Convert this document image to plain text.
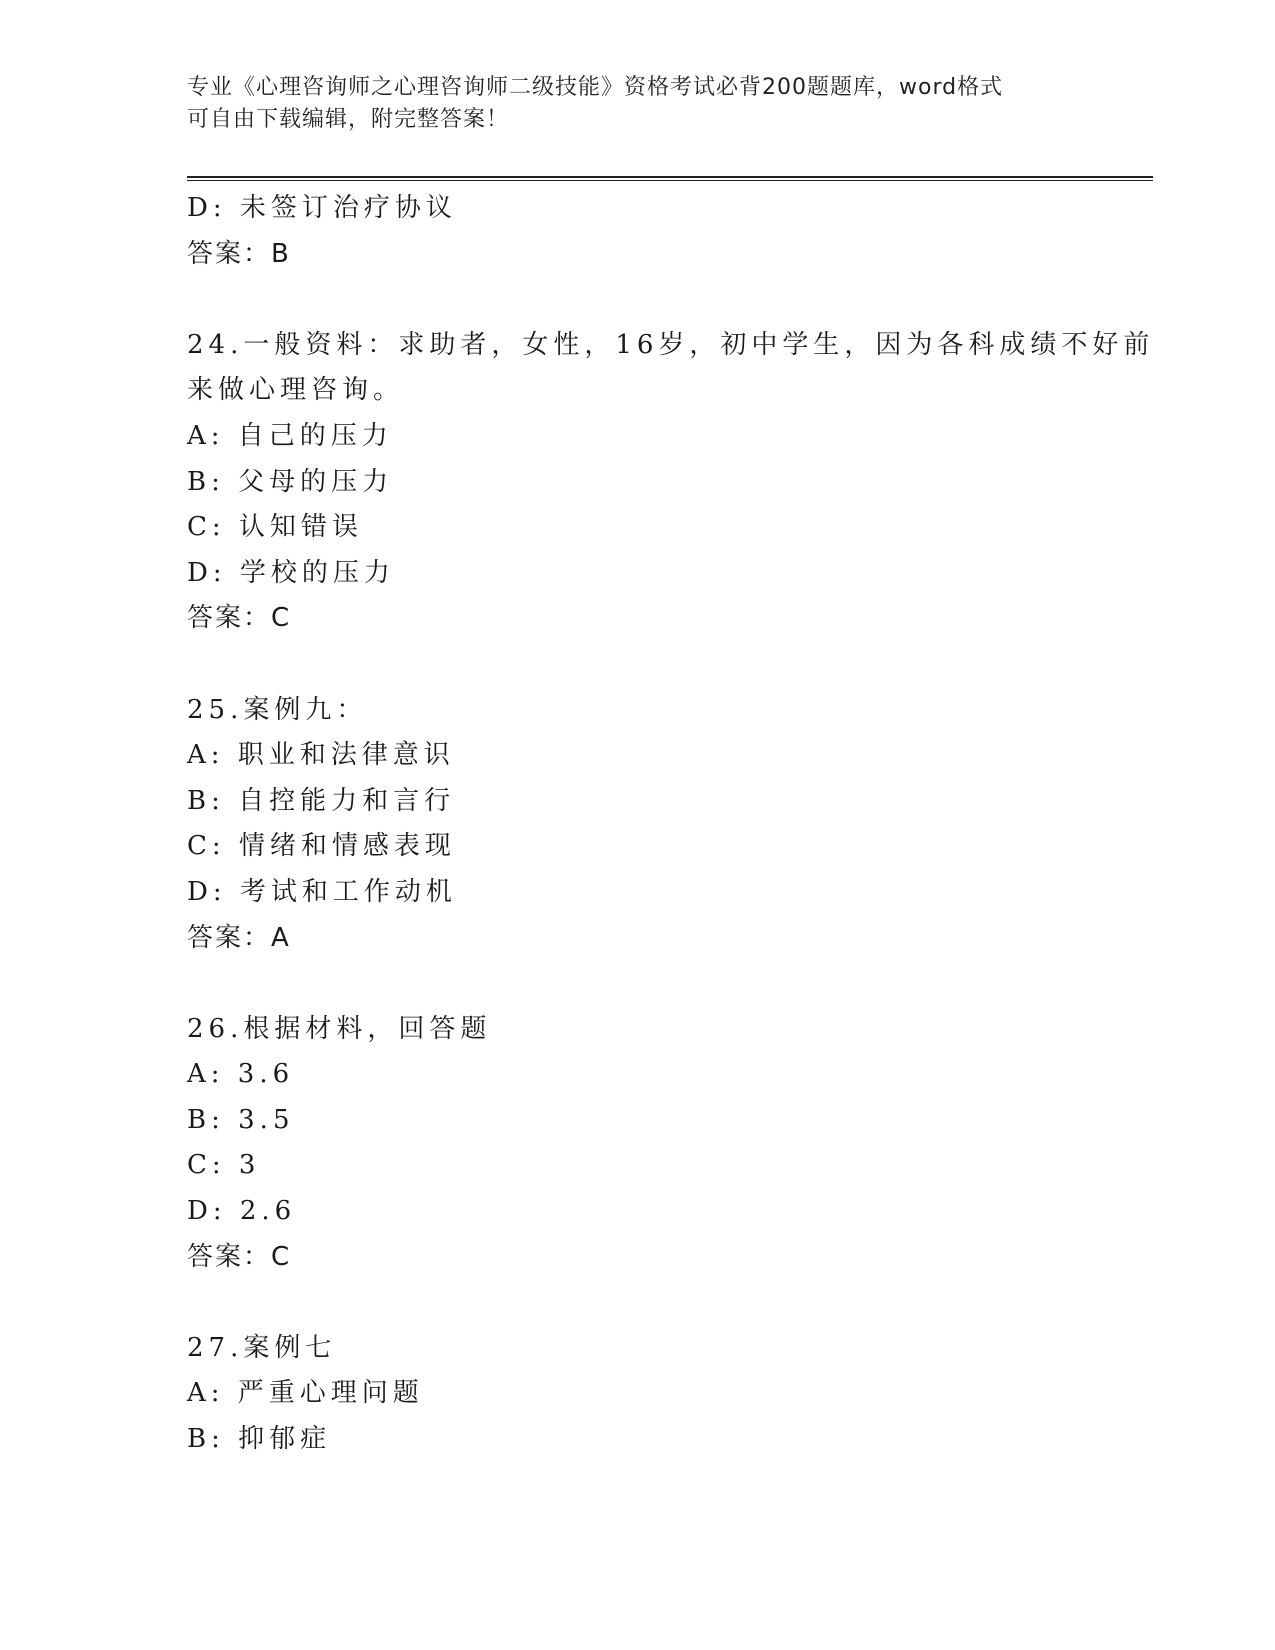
专业《心理咨询师之心理咨询师二级技能》资格考试必背200题题库，word格式
可自由下载编辑，附完整答案！
D: 未签订治疗协议
答案：B
24.一般资料：求助者，女性，16岁，初中学生，因为各科成绩不好前
来做心理咨询。
A: 自己的压力
B: 父母的压力
C: 认知错误
D: 学校的压力
答案：C
25.案例九：
A: 职业和法律意识
B: 自控能力和言行
C: 情绪和情感表现
D: 考试和工作动机
答案：A
26.根据材料，回答题
A: 3.6
B: 3.5
C: 3
D: 2.6
答案：C
27.案例七
A: 严重心理问题
B: 抑郁症
